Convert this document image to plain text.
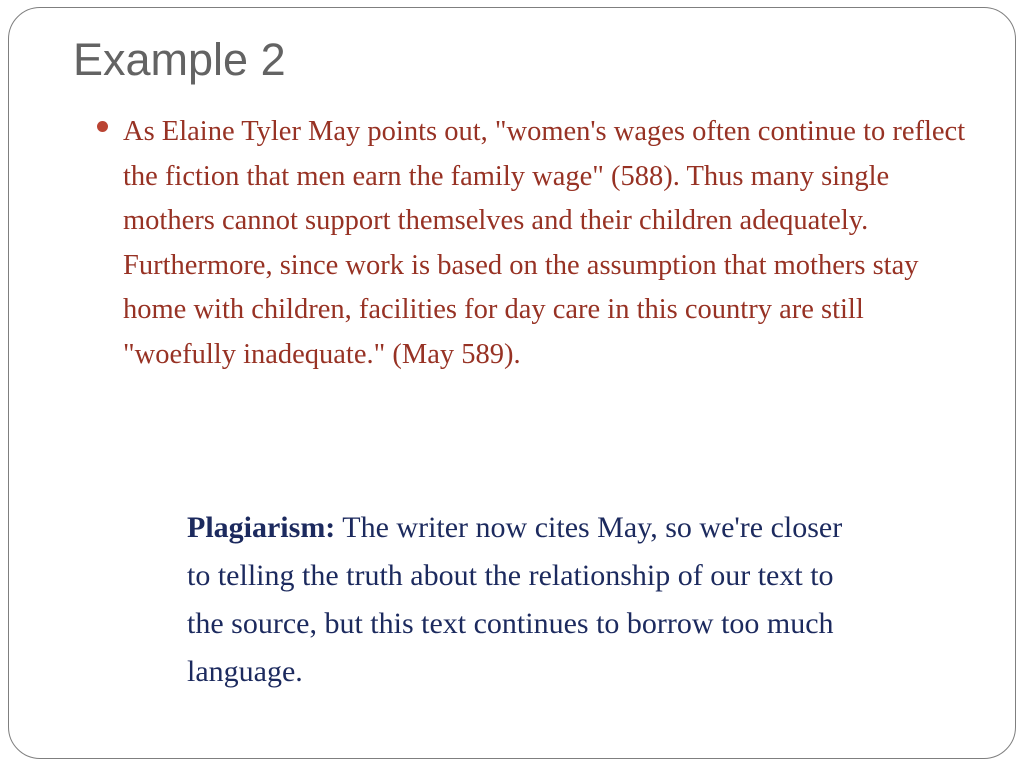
Example 2
As Elaine Tyler May points out, "women's wages often continue to reflect the fiction that men earn the family wage" (588). Thus many single mothers cannot support themselves and their children adequately. Furthermore, since work is based on the assumption that mothers stay home with children, facilities for day care in this country are still "woefully inadequate." (May 589).

Plagiarism: The writer now cites May, so we're closer to telling the truth about the relationship of our text to the source, but this text continues to borrow too much language.
